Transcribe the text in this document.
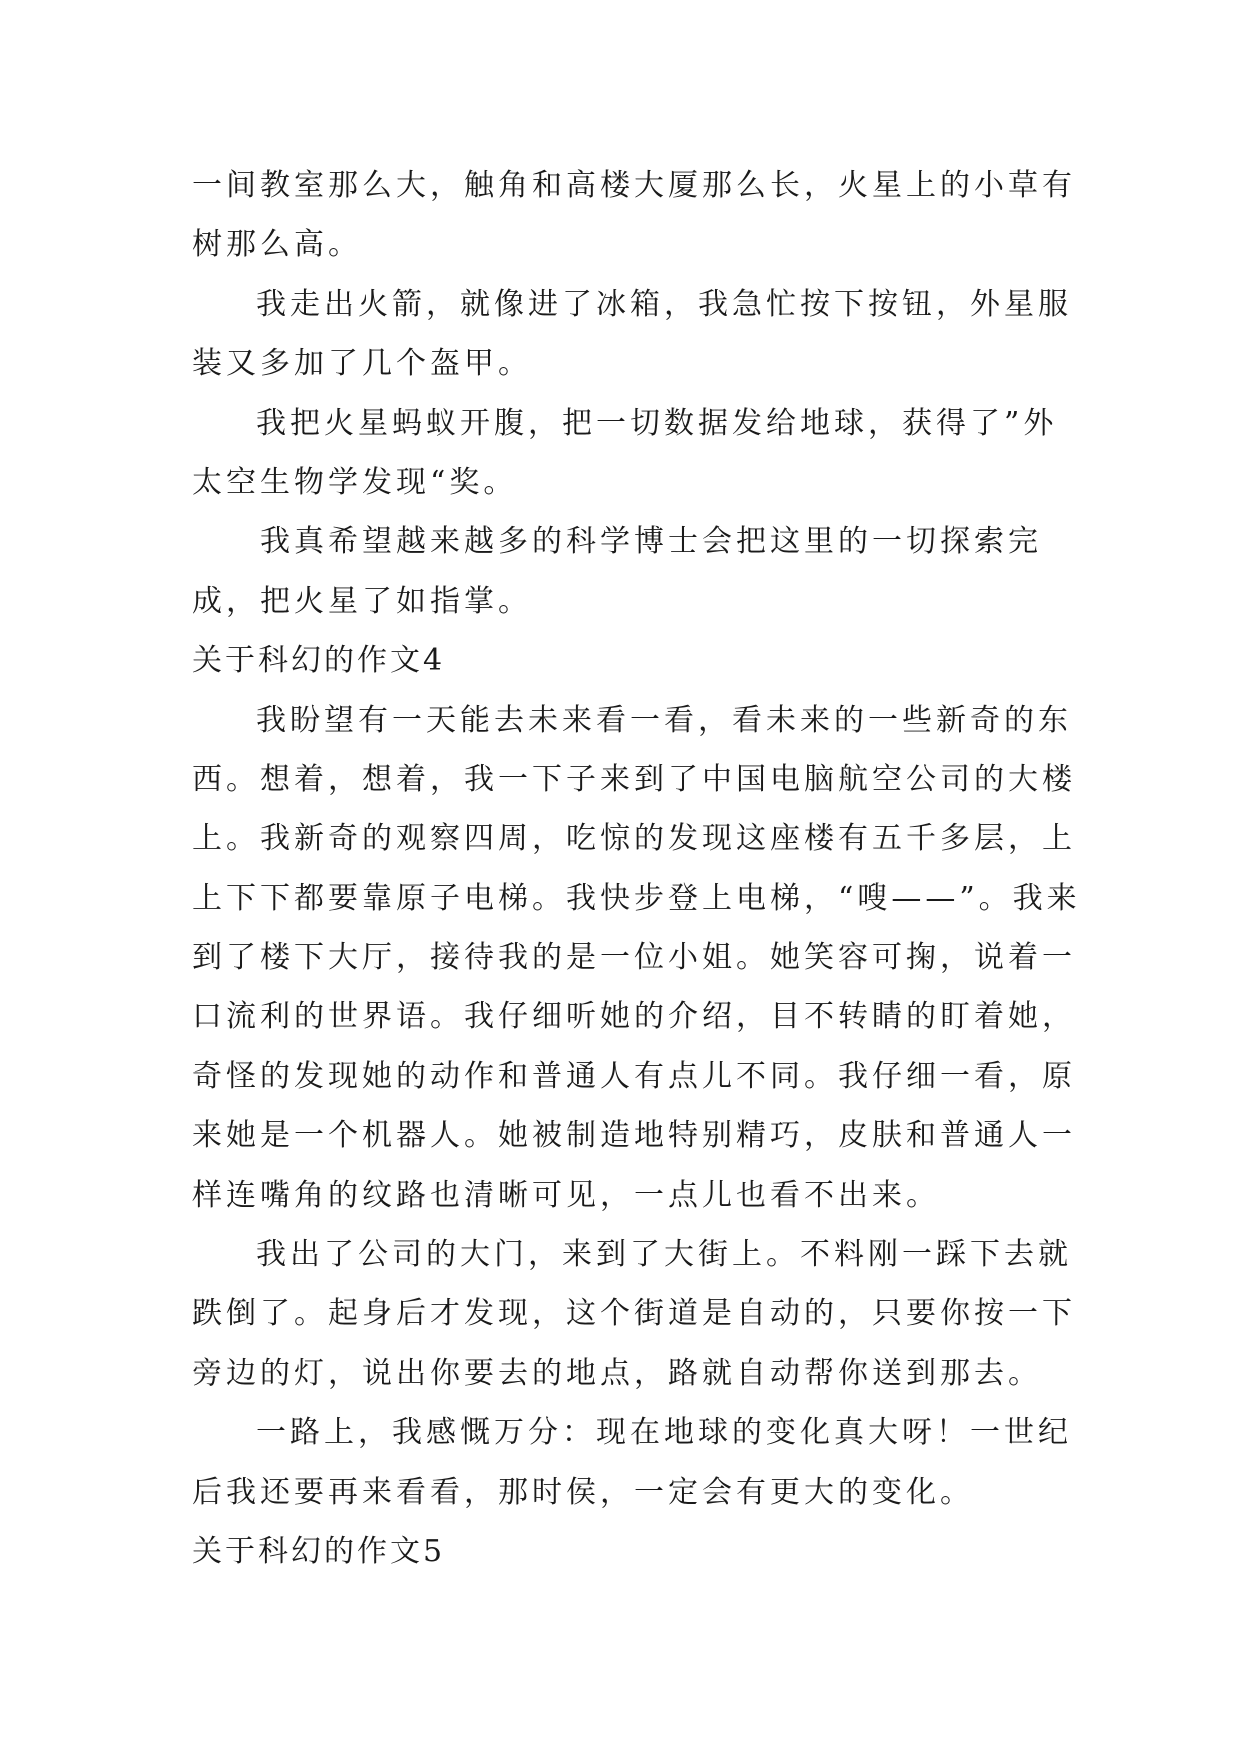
一间教室那么大，触角和高楼大厦那么长，火星上的小草有
树那么高。
我走出火箭，就像进了冰箱，我急忙按下按钮，外星服
装又多加了几个盔甲。
我把火星蚂蚁开腹，把一切数据发给地球，获得了”外
太空生物学发现“奖。
我真希望越来越多的科学博士会把这里的一切探索完
成，把火星了如指掌。
关于科幻的作文4
我盼望有一天能去未来看一看，看未来的一些新奇的东
西。想着，想着，我一下子来到了中国电脑航空公司的大楼
上。我新奇的观察四周，吃惊的发现这座楼有五千多层，上
上下下都要靠原子电梯。我快步登上电梯，“嗖——”。我来
到了楼下大厅，接待我的是一位小姐。她笑容可掬，说着一
口流利的世界语。我仔细听她的介绍，目不转睛的盯着她，
奇怪的发现她的动作和普通人有点儿不同。我仔细一看，原
来她是一个机器人。她被制造地特别精巧，皮肤和普通人一
样连嘴角的纹路也清晰可见，一点儿也看不出来。
我出了公司的大门，来到了大街上。不料刚一踩下去就
跌倒了。起身后才发现，这个街道是自动的，只要你按一下
旁边的灯，说出你要去的地点，路就自动帮你送到那去。
一路上，我感慨万分：现在地球的变化真大呀！一世纪
后我还要再来看看，那时侯，一定会有更大的变化。
关于科幻的作文5
